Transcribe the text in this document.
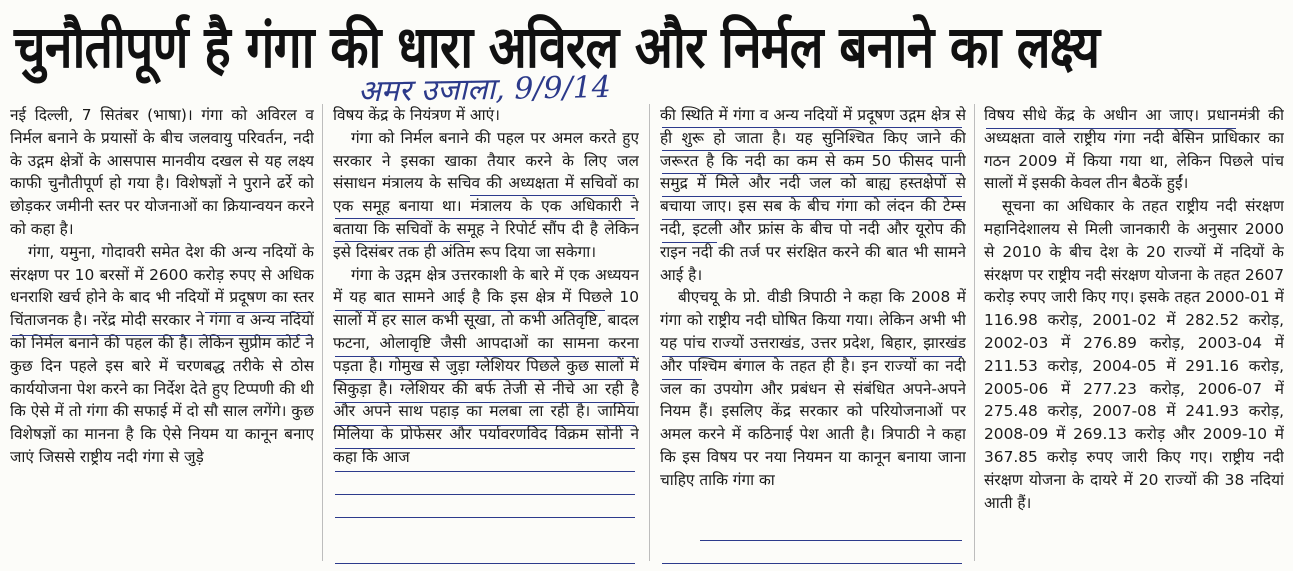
चुनौतीपूर्ण है गंगा की धारा अविरल और निर्मल बनाने का लक्ष्य
अमर उजाला, 9/9/14

नई दिल्ली, 7 सितंबर (भाषा)। गंगा को अविरल व निर्मल बनाने के प्रयासों के बीच जलवायु परिवर्तन, नदी के उद्गम क्षेत्रों के आसपास मानवीय दखल से यह लक्ष्य काफी चुनौतीपूर्ण हो गया है। विशेषज्ञों ने पुराने ढर्रे को छोड़कर जमीनी स्तर पर योजनाओं का क्रियान्वयन करने को कहा है।

गंगा, यमुना, गोदावरी समेत देश की अन्य नदियों के संरक्षण पर 10 बरसों में 2600 करोड़ रुपए से अधिक धनराशि खर्च होने के बाद भी नदियों में प्रदूषण का स्तर चिंताजनक है। नरेंद्र मोदी सरकार ने गंगा व अन्य नदियों को निर्मल बनाने की पहल की है। लेकिन सुप्रीम कोर्ट ने कुछ दिन पहले इस बारे में चरणबद्ध तरीके से ठोस कार्ययोजना पेश करने का निर्देश देते हुए टिप्पणी की थी कि ऐसे में तो गंगा की सफाई में दो सौ साल लगेंगे। कुछ विशेषज्ञों का मानना है कि ऐसे नियम या कानून बनाए जाएं जिससे राष्ट्रीय नदी गंगा से जुड़े

विषय केंद्र के नियंत्रण में आएं।

गंगा को निर्मल बनाने की पहल पर अमल करते हुए सरकार ने इसका खाका तैयार करने के लिए जल संसाधन मंत्रालय के सचिव की अध्यक्षता में सचिवों का एक समूह बनाया था। मंत्रालय के एक अधिकारी ने बताया कि सचिवों के समूह ने रिपोर्ट सौंप दी है लेकिन इसे दिसंबर तक ही अंतिम रूप दिया जा सकेगा।

गंगा के उद्गम क्षेत्र उत्तरकाशी के बारे में एक अध्ययन में यह बात सामने आई है कि इस क्षेत्र में पिछले 10 सालों में हर साल कभी सूखा, तो कभी अतिवृष्टि, बादल फटना, ओलावृष्टि जैसी आपदाओं का सामना करना पड़ता है। गोमुख से जुड़ा ग्लेशियर पिछले कुछ सालों में सिकुड़ा है। ग्लेशियर की बर्फ तेजी से नीचे आ रही है और अपने साथ पहाड़ का मलबा ला रही है। जामिया मिलिया के प्रोफेसर और पर्यावरणविद विक्रम सोनी ने कहा कि आज

की स्थिति में गंगा व अन्य नदियों में प्रदूषण उद्गम क्षेत्र से ही शुरू हो जाता है। यह सुनिश्चित किए जाने की जरूरत है कि नदी का कम से कम 50 फीसद पानी समुद्र में मिले और नदी जल को बाह्य हस्तक्षेपों से बचाया जाए। इस सब के बीच गंगा को लंदन की टेम्स नदी, इटली और फ्रांस के बीच पो नदी और यूरोप की राइन नदी की तर्ज पर संरक्षित करने की बात भी सामने आई है।

बीएचयू के प्रो. वीडी त्रिपाठी ने कहा कि 2008 में गंगा को राष्ट्रीय नदी घोषित किया गया। लेकिन अभी भी यह पांच राज्यों उत्तराखंड, उत्तर प्रदेश, बिहार, झारखंड और पश्चिम बंगाल के तहत ही है। इन राज्यों का नदी जल का उपयोग और प्रबंधन से संबंधित अपने-अपने नियम हैं। इसलिए केंद्र सरकार को परियोजनाओं पर अमल करने में कठिनाई पेश आती है। त्रिपाठी ने कहा कि इस विषय पर नया नियमन या कानून बनाया जाना चाहिए ताकि गंगा का

विषय सीधे केंद्र के अधीन आ जाए। प्रधानमंत्री की अध्यक्षता वाले राष्ट्रीय गंगा नदी बेसिन प्राधिकार का गठन 2009 में किया गया था, लेकिन पिछले पांच सालों में इसकी केवल तीन बैठकें हुईं।

सूचना का अधिकार के तहत राष्ट्रीय नदी संरक्षण महानिदेशालय से मिली जानकारी के अनुसार 2000 से 2010 के बीच देश के 20 राज्यों में नदियों के संरक्षण पर राष्ट्रीय नदी संरक्षण योजना के तहत 2607 करोड़ रुपए जारी किए गए। इसके तहत 2000-01 में 116.98 करोड़, 2001-02 में 282.52 करोड़, 2002-03 में 276.89 करोड़, 2003-04 में 211.53 करोड़, 2004-05 में 291.16 करोड़, 2005-06 में 277.23 करोड़, 2006-07 में 275.48 करोड़, 2007-08 में 241.93 करोड़, 2008-09 में 269.13 करोड़ और 2009-10 में 367.85 करोड़ रुपए जारी किए गए। राष्ट्रीय नदी संरक्षण योजना के दायरे में 20 राज्यों की 38 नदियां आती हैं।
